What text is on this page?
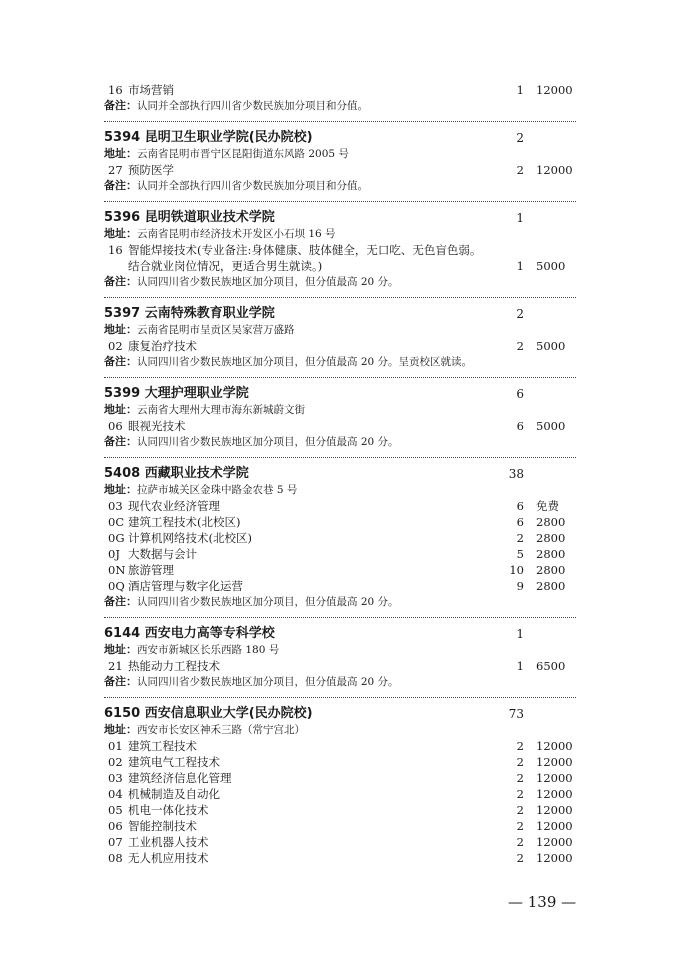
16 市场营销	1 12000
备注：认同并全部执行四川省少数民族加分项目和分值。
5394 昆明卫生职业学院(民办院校)	2
地址：云南省昆明市晋宁区昆阳街道东风路 2005 号
27 预防医学	2 12000
备注：认同并全部执行四川省少数民族加分项目和分值。
5396 昆明铁道职业技术学院	1
地址：云南省昆明市经济技术开发区小石坝 16 号
16 智能焊接技术(专业备注:身体健康、肢体健全，无口吃、无色盲色弱。
结合就业岗位情况，更适合男生就读。)	1 5000
备注：认同四川省少数民族地区加分项目，但分值最高 20 分。
5397 云南特殊教育职业学院	2
地址：云南省昆明市呈贡区吴家营万盛路
02 康复治疗技术	2 5000
备注：认同四川省少数民族地区加分项目，但分值最高 20 分。呈贡校区就读。
5399 大理护理职业学院	6
地址：云南省大理州大理市海东新城蔚文街
06 眼视光技术	6 5000
备注：认同四川省少数民族地区加分项目，但分值最高 20 分。
5408 西藏职业技术学院	38
地址：拉萨市城关区金珠中路金农巷 5 号
03 现代农业经济管理	6 免费
0C 建筑工程技术(北校区)	6 2800
0G 计算机网络技术(北校区)	2 2800
0J 大数据与会计	5 2800
0N 旅游管理	10 2800
0Q 酒店管理与数字化运营	9 2800
备注：认同四川省少数民族地区加分项目，但分值最高 20 分。
6144 西安电力高等专科学校	1
地址：西安市新城区长乐西路 180 号
21 热能动力工程技术	1 6500
备注：认同四川省少数民族地区加分项目，但分值最高 20 分。
6150 西安信息职业大学(民办院校)	73
地址：西安市长安区神禾三路（常宁宫北）
01 建筑工程技术	2 12000
02 建筑电气工程技术	2 12000
03 建筑经济信息化管理	2 12000
04 机械制造及自动化	2 12000
05 机电一体化技术	2 12000
06 智能控制技术	2 12000
07 工业机器人技术	2 12000
08 无人机应用技术	2 12000
— 139 —
